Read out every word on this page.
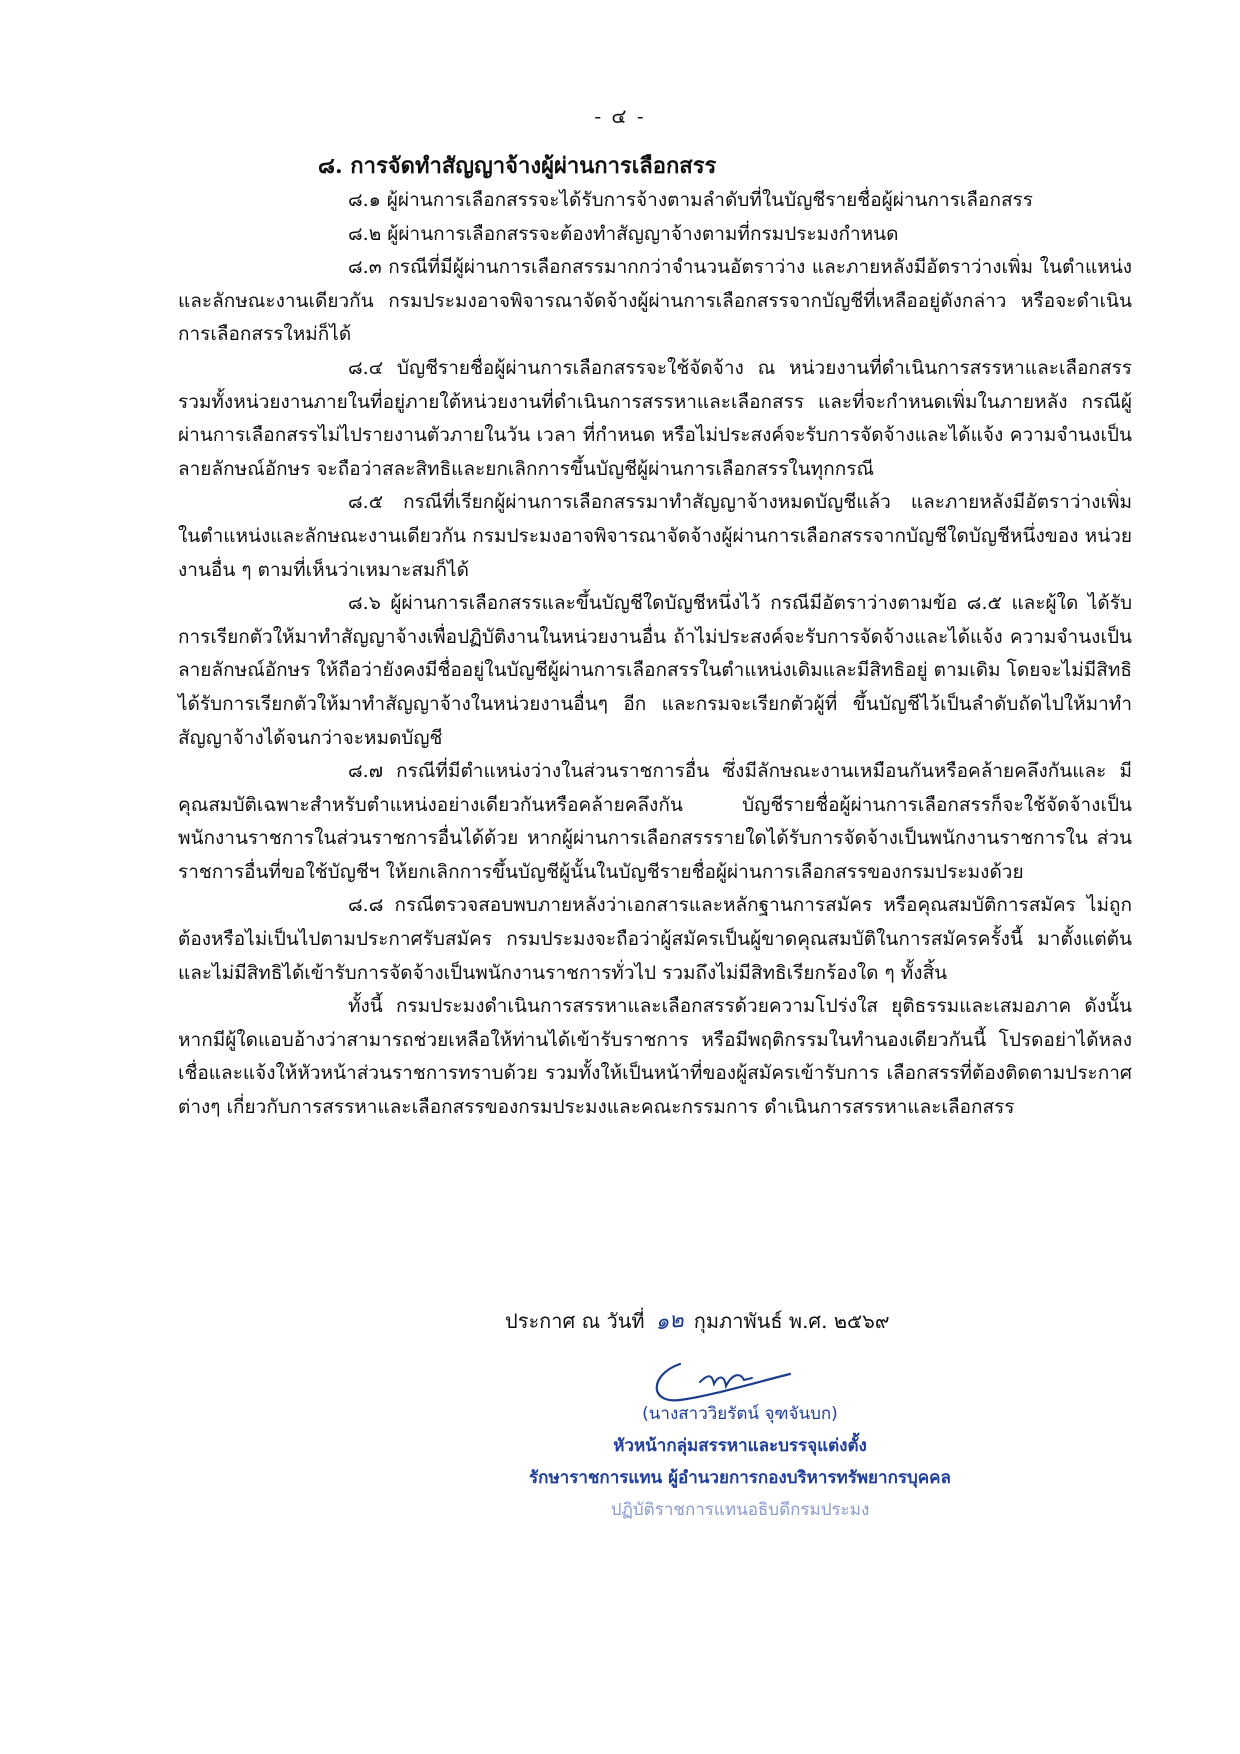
- ๔ -
๘. การจัดทำสัญญาจ้างผู้ผ่านการเลือกสรร

๘.๑ ผู้ผ่านการเลือกสรรจะได้รับการจ้างตามลำดับที่ในบัญชีรายชื่อผู้ผ่านการเลือกสรร

๘.๒ ผู้ผ่านการเลือกสรรจะต้องทำสัญญาจ้างตามที่กรมประมงกำหนด

๘.๓ กรณีที่มีผู้ผ่านการเลือกสรรมากกว่าจำนวนอัตราว่าง และภายหลังมีอัตราว่างเพิ่ม ในตำแหน่งและลักษณะงานเดียวกัน กรมประมงอาจพิจารณาจัดจ้างผู้ผ่านการเลือกสรรจากบัญชีที่เหลืออยู่ดังกล่าว หรือจะดำเนินการเลือกสรรใหม่ก็ได้

๘.๔ บัญชีรายชื่อผู้ผ่านการเลือกสรรจะใช้จัดจ้าง ณ หน่วยงานที่ดำเนินการสรรหาและเลือกสรร รวมทั้งหน่วยงานภายในที่อยู่ภายใต้หน่วยงานที่ดำเนินการสรรหาและเลือกสรร และที่จะกำหนดเพิ่มในภายหลัง กรณีผู้ผ่านการเลือกสรรไม่ไปรายงานตัวภายในวัน เวลา ที่กำหนด หรือไม่ประสงค์จะรับการจัดจ้างและได้แจ้ง ความจำนงเป็นลายลักษณ์อักษร จะถือว่าสละสิทธิและยกเลิกการขึ้นบัญชีผู้ผ่านการเลือกสรรในทุกกรณี

๘.๕ กรณีที่เรียกผู้ผ่านการเลือกสรรมาทำสัญญาจ้างหมดบัญชีแล้ว และภายหลังมีอัตราว่างเพิ่ม ในตำแหน่งและลักษณะงานเดียวกัน กรมประมงอาจพิจารณาจัดจ้างผู้ผ่านการเลือกสรรจากบัญชีใดบัญชีหนึ่งของ หน่วยงานอื่น ๆ ตามที่เห็นว่าเหมาะสมก็ได้

๘.๖ ผู้ผ่านการเลือกสรรและขึ้นบัญชีใดบัญชีหนึ่งไว้ กรณีมีอัตราว่างตามข้อ ๘.๕ และผู้ใด ได้รับการเรียกตัวให้มาทำสัญญาจ้างเพื่อปฏิบัติงานในหน่วยงานอื่น ถ้าไม่ประสงค์จะรับการจัดจ้างและได้แจ้ง ความจำนงเป็นลายลักษณ์อักษร ให้ถือว่ายังคงมีชื่ออยู่ในบัญชีผู้ผ่านการเลือกสรรในตำแหน่งเดิมและมีสิทธิอยู่ ตามเดิม โดยจะไม่มีสิทธิได้รับการเรียกตัวให้มาทำสัญญาจ้างในหน่วยงานอื่นๆ อีก และกรมจะเรียกตัวผู้ที่ ขึ้นบัญชีไว้เป็นลำดับถัดไปให้มาทำสัญญาจ้างได้จนกว่าจะหมดบัญชี

๘.๗ กรณีที่มีตำแหน่งว่างในส่วนราชการอื่น ซึ่งมีลักษณะงานเหมือนกันหรือคล้ายคลึงกันและ มีคุณสมบัติเฉพาะสำหรับตำแหน่งอย่างเดียวกันหรือคล้ายคลึงกัน บัญชีรายชื่อผู้ผ่านการเลือกสรรก็จะใช้จัดจ้างเป็น พนักงานราชการในส่วนราชการอื่นได้ด้วย หากผู้ผ่านการเลือกสรรรายใดได้รับการจัดจ้างเป็นพนักงานราชการใน ส่วนราชการอื่นที่ขอใช้บัญชีฯ ให้ยกเลิกการขึ้นบัญชีผู้นั้นในบัญชีรายชื่อผู้ผ่านการเลือกสรรของกรมประมงด้วย

๘.๘ กรณีตรวจสอบพบภายหลังว่าเอกสารและหลักฐานการสมัคร หรือคุณสมบัติการสมัคร ไม่ถูกต้องหรือไม่เป็นไปตามประกาศรับสมัคร กรมประมงจะถือว่าผู้สมัครเป็นผู้ขาดคุณสมบัติในการสมัครครั้งนี้ มาตั้งแต่ต้น และไม่มีสิทธิได้เข้ารับการจัดจ้างเป็นพนักงานราชการทั่วไป รวมถึงไม่มีสิทธิเรียกร้องใด ๆ ทั้งสิ้น

ทั้งนี้ กรมประมงดำเนินการสรรหาและเลือกสรรด้วยความโปร่งใส ยุติธรรมและเสมอภาค ดังนั้น หากมีผู้ใดแอบอ้างว่าสามารถช่วยเหลือให้ท่านได้เข้ารับราชการ หรือมีพฤติกรรมในทำนองเดียวกันนี้ โปรดอย่าได้หลงเชื่อและแจ้งให้หัวหน้าส่วนราชการทราบด้วย รวมทั้งให้เป็นหน้าที่ของผู้สมัครเข้ารับการ เลือกสรรที่ต้องติดตามประกาศต่างๆ เกี่ยวกับการสรรหาและเลือกสรรของกรมประมงและคณะกรรมการ ดำเนินการสรรหาและเลือกสรร

ประกาศ ณ วันที่ ๑๒ กุมภาพันธ์ พ.ศ. ๒๕๖๙
(นางสาววิยรัตน์ จุฑจันบก)
หัวหน้ากลุ่มสรรหาและบรรจุแต่งตั้ง
รักษาราชการแทน ผู้อำนวยการกองบริหารทรัพยากรบุคคล
ปฏิบัติราชการแทนอธิบดีกรมประมง
